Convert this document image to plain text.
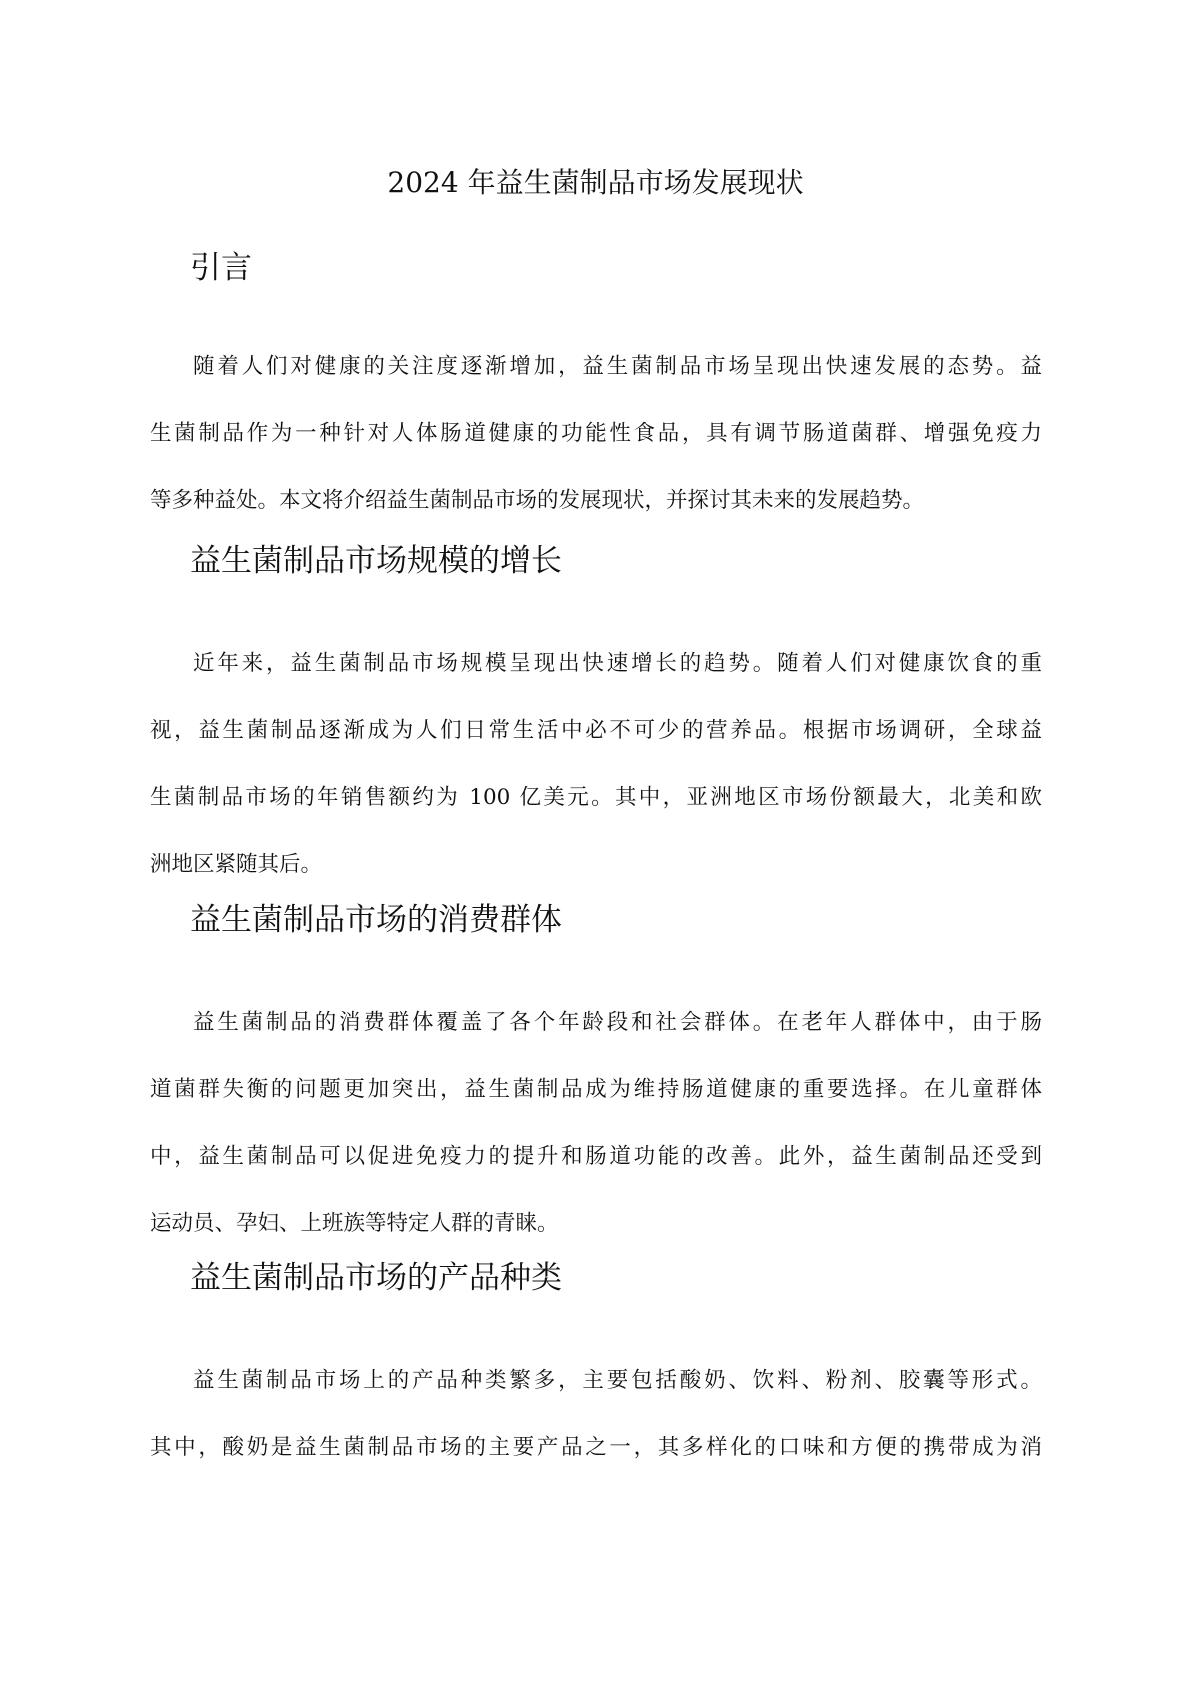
2024 年益生菌制品市场发展现状
引言
随着人们对健康的关注度逐渐增加，益生菌制品市场呈现出快速发展的态势。益
生菌制品作为一种针对人体肠道健康的功能性食品，具有调节肠道菌群、增强免疫力
等多种益处。本文将介绍益生菌制品市场的发展现状，并探讨其未来的发展趋势。
益生菌制品市场规模的增长
近年来，益生菌制品市场规模呈现出快速增长的趋势。随着人们对健康饮食的重
视，益生菌制品逐渐成为人们日常生活中必不可少的营养品。根据市场调研，全球益
生菌制品市场的年销售额约为 100 亿美元。其中，亚洲地区市场份额最大，北美和欧
洲地区紧随其后。
益生菌制品市场的消费群体
益生菌制品的消费群体覆盖了各个年龄段和社会群体。在老年人群体中，由于肠
道菌群失衡的问题更加突出，益生菌制品成为维持肠道健康的重要选择。在儿童群体
中，益生菌制品可以促进免疫力的提升和肠道功能的改善。此外，益生菌制品还受到
运动员、孕妇、上班族等特定人群的青睐。
益生菌制品市场的产品种类
益生菌制品市场上的产品种类繁多，主要包括酸奶、饮料、粉剂、胶囊等形式。
其中，酸奶是益生菌制品市场的主要产品之一，其多样化的口味和方便的携带成为消
